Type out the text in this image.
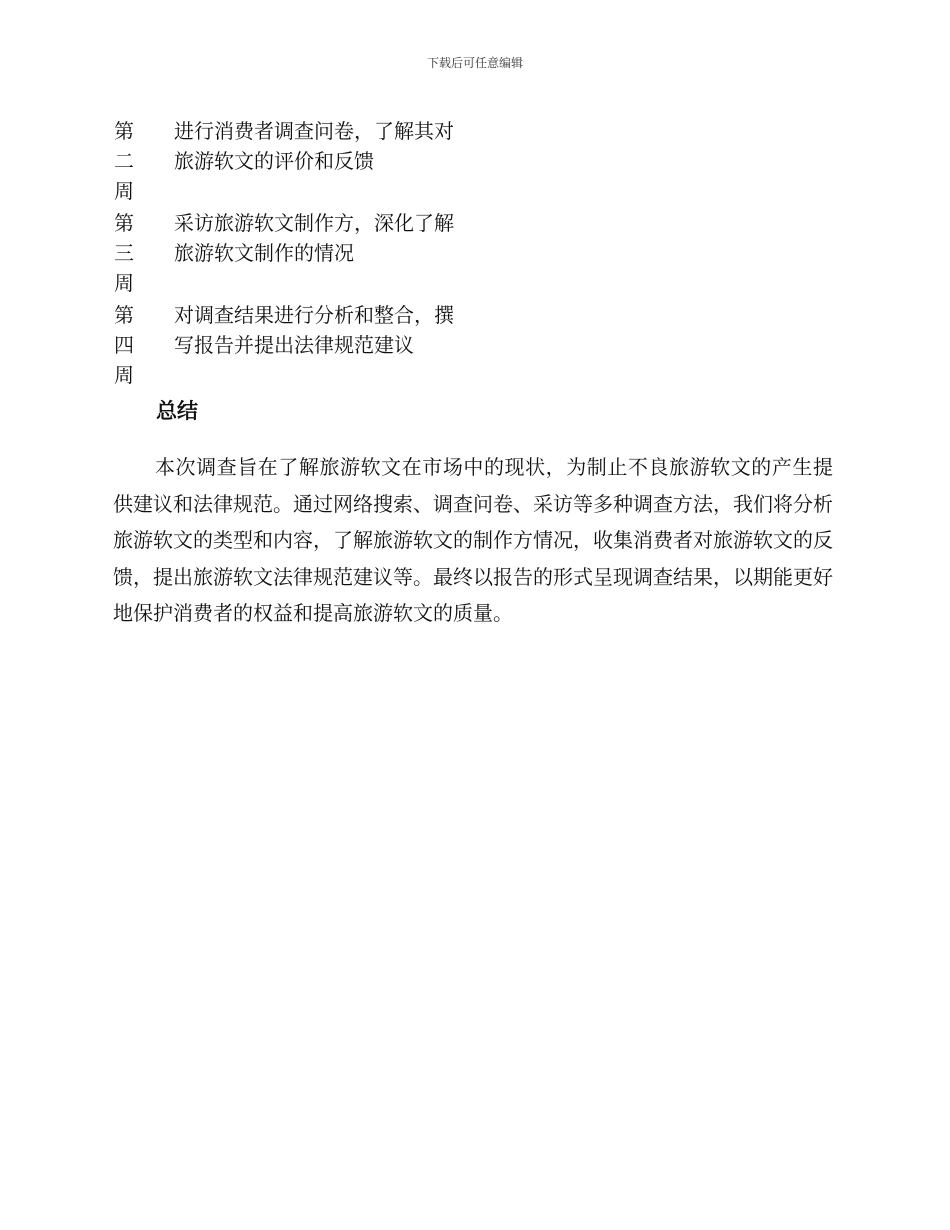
下载后可任意编辑
第
二
周
进行消费者调查问卷，了解其对
旅游软文的评价和反馈
第
三
周
采访旅游软文制作方，深化了解
旅游软文制作的情况
第
四
周
对调查结果进行分析和整合，撰
写报告并提出法律规范建议
总结

本次调查旨在了解旅游软文在市场中的现状，为制止不良旅游软文的产生提供建议和法律规范。通过网络搜索、调查问卷、采访等多种调查方法，我们将分析旅游软文的类型和内容，了解旅游软文的制作方情况，收集消费者对旅游软文的反馈，提出旅游软文法律规范建议等。最终以报告的形式呈现调查结果，以期能更好地保护消费者的权益和提高旅游软文的质量。
